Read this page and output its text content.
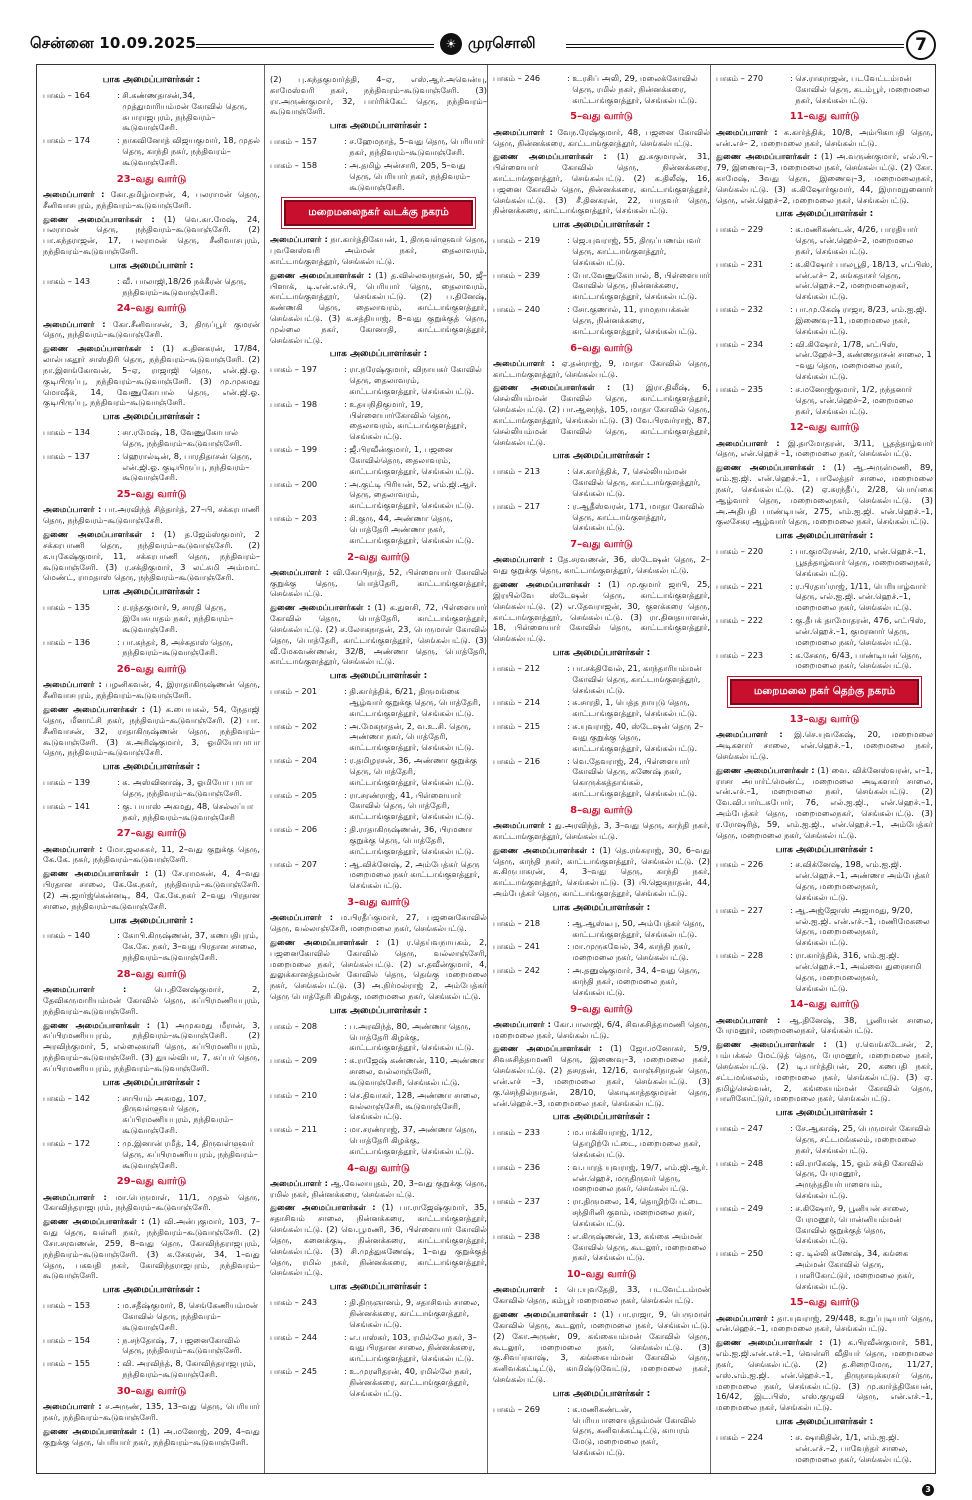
சென்னை 10.09.2025	☀ முரசொலி	7
பாக அமைப்பாளர்கள் :
பாகம் – 164	: சி.கண்ணதாசன்,34, முத்துமாரியம்மன் கோவில் தெரு, சுபாராஜபுரம், நந்திவரம்–கூடுவாஞ்சேரி.
பாகம் – 174	: நாகவினோத் விஜயகுமார், 18, முதல் தெரு, காந்தி நகர், நந்திவரம்–கூடுவாஞ்சேரி.
23–வது வார்டு
அமைப்பாளர் : கோ.தமிழ்மாறன், 4, பலராமன் தெரு, சீனிவாசபுரம், நந்திவரம்–கூடுவாஞ்சேரி.
துணை அமைப்பாளர்கள் : (1) வெ.கா.மேஷ், 24, பலராமன் தெரு, நந்திவரம்–கூடுவாஞ்சேரி. (2) பா.கந்தராஜன், 17, பலராமன் தெரு, சீனிவாசபுரம், நந்திவரம்–கூடுவாஞ்சேரி.
பாக அமைப்பாளர் :
பாகம் – 143	: வீ. பாலாஜி,18/26 நக்கீரன் தெரு, நந்திவரம்–கூடுவாஞ்சேரி.
24–வது வார்டு
அமைப்பாளர் : கோ.சீனிவாசன், 3, திருப்பூர் குமரன் தெரு, நந்திவரம்–கூடுவாஞ்சேரி.
துணை அமைப்பாளர்கள் : (1) க.தினகரன், 17/84, லால்பகதூர் சாஸ்திரி தெரு, நந்திவரம்–கூடுவாஞ்சேரி. (2) நா.இளங்கோவன், 5–ஏ, ராஜாஜி தெரு, என்.ஜி.ஓ. குடியிருப்பு, நந்திவரம்–கூடுவாஞ்சேரி. (3) மு.முகமது மொஷீக், 14, வேணுகோபால் தெரு, என்.ஜி.ஓ. குடியிருப்பு, நந்திவரம்–கூடுவாஞ்சேரி.
பாக அமைப்பாளர்கள் :
பாகம் – 134	: சா.ரமேஷ், 18, வேணுகோபால் தெரு, நந்திவரம்–கூடுவாஞ்சேரி.
பாகம் – 137	: ஹெரால்டின், 8, பாரதிதாசன் தெரு, என்.ஜி.ஓ. குடியிருப்பு, நந்திவரம்–கூடுவாஞ்சேரி.
25–வது வார்டு
அமைப்பாளர் : பா.அரவிந்த் சித்தார்த், 27–பி, சக்கரபாணி தெரு, நந்திவரம்–கூடுவாஞ்சேரி.
துணை அமைப்பாளர்கள் : (1) த.ஜேம்ஸ்குமார், 2 சக்கரபாணி தெரு, நந்திவரம்–கூடுவாஞ்சேரி. (2) க.யுகேஷ்குமார், 11, சக்கரபாணி தெரு, நந்திவரம்–கூடுவாஞ்சேரி. (3) ர.சக்திகுமார், 3 லட்சுமி அம்மாட் மெண்ட், ராமதாஸ் தெரு, நந்திவரம்–கூடுவாஞ்சேரி.
பாக அமைப்பாளர்கள் :
பாகம் – 135	: ர.ரத்தகுமார், 9, சாரதி தெரு, இயேசுபாதம் நகர், நந்திவரம்–கூடுவாஞ்சேரி.
பாகம் – 136	: பா.கந்தர், 8, அச்சுதாஸ் தெரு, நந்திவரம்–கூடுவாஞ்சேரி.
26–வது வார்டு
அமைப்பாளர் : பழனிகவன், 4, இராதாகிருஷ்ணன் தெரு, சீனிவாசபுரம், நந்திவரம்–கூடுவாஞ்சேரி.
துணை அமைப்பாளர்கள் : (1) க.பையகல், 54, நேதாஜி தெரு, மீனாட்சி நகர், நந்திவரம்–கூடுவாஞ்சேரி. (2) பா. சீனிவாசன், 32, ராதாகிருஷ்ணன் தெரு, நந்திவரம்–கூடுவாஞ்சேரி. (3) க.அரிஷ்குமார், 3, ஓமியோபாபா தெரு, நந்திவரம்–கூடுவாஞ்சேரி.
பாக அமைப்பாளர்கள் :
பாகம் – 139	: க. அஸ்வினாஷ், 3, ஓமியோ பாபா தெரு, நந்திவரம்–கூடுவாஞ்சேரி.
பாகம் – 141	: கு. பயாஸ் அகமது, 48, செல்லப்பா நகர், நந்திவரம்–கூடுவாஞ்சேரி
27–வது வார்டு
அமைப்பாளர் : மோ.ஜலசுகர், 11, 2–வது குறுக்கு தெரு, கே.கே. நகர், நந்திவரம்–கூடுவாஞ்சேரி.
துணை அமைப்பாளர்கள் : (1) சே.ராமகன், 4, 4–வது பிரதான சாலை, கே.கே.நகர், நந்திவரம்–கூடுவாஞ்சேரி. (2) அ.ஜார்ஜ்கென்னடி, 84, கே.கே.நகர் 2–வது பிரதான சாலை, நந்திவரம்–கூடுவாஞ்சேரி.
பாக அமைப்பாளர் :
பாகம் – 140	: கோபி.கிருஷ்ணன், 37, கணபதிபுரம், கே.கே. நகர், 3–வது பிரதான சாலை, நந்திவரம்–கூடுவாஞ்சேரி.
28–வது வார்டு
அமைப்பாளர் :	பெ.தினேஷ்குமார், 2, தேவிகருமாரியம்மன் கோவில் தெரு, சுப்பிரமணியபுரம், நந்திவரம்–கூடுவாஞ்சேரி.
துணை அமைப்பாளர்கள் : (1) அமுகமது மீரான், 3, சுப்பிரமணியபுரம், நந்திவரம்–கூடுவாஞ்சேரி. (2) அரவிந்குமார், 5, எல்லைகாளி தெரு, சுப்பிரமணியபுரம், நந்திவரம்–கூடுவாஞ்சேரி. (3) துயல்விபா, 7, சுப்பர் தெரு, சுப்பிரமணியபுரம், நந்திவரம்–கூடுவாஞ்சேரி.
பாக அமைப்பாளர்கள் :
பாகம் – 142	: சாபியம் அகமது, 107, திருவள்ளுவர் தெரு, சுப்பிரமணியபுரம், நந்திவரம்–கூடுவாஞ்சேரி.
பாகம் – 172	: மு.இனான் ரமீத், 14, திருவள்ளுவர் தெரு, சுப்பிரமணியபுரம், நந்திவரம்–கூடுவாஞ்சேரி.
29–வது வார்டு
அமைப்பாளர் : மா.பெருமாள், 11/1, முதல் தெரு, கோவிந்தராஜபுரம், நந்திவரம்–கூடுவாஞ்சேரி.
துணை அமைப்பாளர்கள் : (1) வி.அன்புகுமார், 103, 7–வது தெரு, வள்ளி நகர், நந்திவரம்–கூடுவாஞ்சேரி. (2) சோ.சரவணன், 259, 8–வது தெரு, கோவிந்தராஜபுரம், நந்திவரம்–கூடுவாஞ்சேரி. (3) க.சேகரன், 34, 1–வது தெரு, பகவதி நகர், கோவிந்தராஜபுரம், நந்திவரம்–கூடுவாஞ்சேரி.
பாக அமைப்பாளர்கள் :
பாகம் – 153	: ம.சதீஷ்குமார், 8, செங்கேணியம்மன் கோவில் தெரு, நந்திவரம்–கூடுவாஞ்சேரி.
பாகம் – 154	: ந.சந்தோஷ், 7, பஜனைகோவில் தெரு, நந்திவரம்–கூடுவாஞ்சேரி.
பாகம் – 155	: வி. அரவிந்த், 8, கோவிந்தராஜபுரம், நந்திவரம்–கூடுவாஞ்சேரி.
30–வது வார்டு
அமைப்பாளர் : ச.அருண், 135, 13–வது தெரு, பெரியார் நகர், நந்திவரம்–கூடுவாஞ்சேரி.
துணை அமைப்பாளர்கள் : (1) அ.மனோஜ், 209, 4–வது குறுக்கு தெரு, பெரியார் நகர், நந்திவரம்–கூடுவாஞ்சேரி.
(2) பு.கந்தகுமார்த்தி, 4–ஏ, எஸ்.ஆர்.அவென்யு, காமேஸ்வரி நகர், நந்திவரம்–கூடுவாஞ்சேரி. (3) ரா.அருண்குமார், 32, பார்ரிக்கேட் தெரு, நந்திவரம்–கூடுவாஞ்சேரி.
பாக அமைப்பாளர்கள் :
பாகம் – 157	: ச.ஹேமநாத், 5–வது தெரு, பெரியார் நகர், நந்திவரம்–கூடுவாஞ்சேரி.
பாகம் – 158	: அ.தமிழ் அன்சாரி, 205, 5–வது தெரு, பெரியார் நகர், நந்திவரம்–கூடுவாஞ்சேரி.
மறைமலைநகர் வடக்கு நகரம்
அமைப்பாளர் : நா.கார்த்திகேயன், 1, திருவள்ளுவர் தெரு, புவனேஸ்வரி அம்மன் நகர், தைலாவரம், காட்டாங்குளத்தூர், செங்கல்பட்டு.
துணை அமைப்பாளர்கள் : (1) த.வில்லவநாதன், 50, ஜீ–பிளாக், டி.என்.எச்.பி, பெரியார் தெரு, தைலாவரம், காட்டாங்குளத்தூர், செங்கல்பட்டு. (2) ப.தினேஷ், கண்ணகி தெரு, தைலாவரம், காட்டாங்குளத்தூர், செங்கல்பட்டு. (3) க.சத்தியாஜ், 8–வது குறுக்குத் தெரு, முல்லை நகர், கோனாதி, காட்டாங்குளத்தூர், செங்கல்பட்டு.
பாக அமைப்பாளர்கள் :
பாகம் – 197	: ரா.நரேஷ்குமார், விநாயகர் கோவில் தெரு, தைலாவரம், காட்டாங்குளத்தூர், செங்கல்பட்டு.
பாகம் – 198	: உதயநிதிகுமார், 19, பிள்ளையார்கோவில் தெரு, தைலாவரம், காட்டாங்குளத்தூர், செங்கல்பட்டு.
பாகம் – 199	: ஜீ.பிரவீன்குமார், 1, பஜனை கோவில்தெரு, தைலாவரம், காட்டாங்குளத்தூர், செங்கல்பட்டு.
பாகம் – 200	: அ.குட்டி பிரியன், 52, எம்.ஜி.ஆர். தெரு, தைலாவரம், காட்டாங்குளத்தூர், செங்கல்பட்டு.
பாகம் – 203	: சி.குரு, 44, அண்ணா தெரு, பொத்தேரி அண்ணா நகர், காட்டாங்குளத்தூர், செங்கல்பட்டு.
2–வது வார்டு
அமைப்பாளர் : வி.கோபிநாத், 52, பிள்ளையார் கோவில் குறுக்கு தெரு, பொத்தேரி, காட்டாங்குளத்தூர், செங்கல்பட்டு.
துணை அமைப்பாளர்கள் : (1) க.துளசி, 72, பிள்ளையார் கோவில் தெரு, பொத்தேரி, காட்டாங்குளத்தூர், செங்கல்பட்டு. (2) ச.லோகநாதன், 23, பெருமாள் கோவில் தெரு, பொத்தேரி, காட்டாங்குளத்தூர், செங்கல்பட்டு. (3) வீ.மேகவண்ணன், 32/8, அண்ணா தெரு, பொத்தேரி, காட்டாங்குளத்தூர், செங்கல்பட்டு.
பாக அமைப்பாளர்கள் :
பாகம் – 201	: தி.கார்த்திக், 6/21, திருமங்கை ஆழ்வார் குறுக்கு தெரு, பொத்தேரி, காட்டாங்குளத்தூர், செங்கல்பட்டு.
பாகம் – 202	: அ.மேகநாதன், 2, வ.உ.சி. தெரு, அண்ணா நகர், பொத்தேரி, காட்டாங்குளத்தூர், செங்கல்பட்டு.
பாகம் – 204	: ர.தமிழரசன், 36, அண்ணா குறுக்கு தெரு, பொத்தேரி, காட்டாங்குளத்தூர், செங்கல்பட்டு.
பாகம் – 205	: ரா.சரண்ராஜ், 41, பிள்ளையார் கோவில் தெரு, பொத்தேரி, காட்டாங்குளத்தூர், செங்கல்பட்டு.
பாகம் – 206	: தி.ராதாகிருஷ்ணன், 36, பிரமணா குறுக்கு தெரு, பொத்தேரி, காட்டாங்குளத்தூர், செங்கல்பட்டு.
பாகம் – 207	: ஆ.விக்னேஷ், 2, அம்பேத்கர் தெரு மறைமலை நகர் காட்டாங்குளத்தூர், செங்கல்பட்டு.
3–வது வார்டு
அமைப்பாளர் : ம.பிரதீப்குமார், 27, பஜனைகோவில் தெரு, வல்லாஞ்சேரி, மறைமலை நகர், செங்கல்பட்டு.
துணை அமைப்பாளர்கள் : (1) ர.தெய்வநாயகம், 2, பஜனைகோவில் கோவில் தெரு, வல்லாஞ்சேரி, மறைமலை நகர், செங்கல்பட்டு. (2) எ.தவீன்குமார், 4, துலுக்கானத்தம்மன் கோவில் தெரு, தெங்கு மறைமலை நகர், செங்கல்பட்டு. (3) அ.நிர்மல்ராஜ் 2, அம்பேத்கர் தெரு பொத்தேரி கிழக்கு, மறைமலை நகர், செங்கல்பட்டு.
பாக அமைப்பாளர்கள் :
பாகம் – 208	: ப.அரவிந்த், 80, அண்ணா தெரு, பொத்தேரி கிழக்கு, காட்டாங்குளத்தூர், செங்கல்பட்டு.
பாகம் – 209	: க.ராஜேஷ் கண்ணன், 110, அண்ணா சாலை, வல்லாஞ்சேரி, கூடுவாஞ்சேரி, செங்கல்பட்டு.
பாகம் – 210	: செ.திவாகர், 128, அண்ணா சாலை, வல்லாஞ்சேரி, கூடுவாஞ்சேரி, செங்கல்பட்டு.
பாகம் – 211	: மா.சரண்ராஜ், 37, அண்ணா தெரு, பொத்தேரி கிழக்கு, காட்டாங்குளத்தூர், செங்கல்பட்டு.
4–வது வார்டு
அமைப்பாளர் : ஆ.வேலாயுதம், 20, 3–வது குறுக்கு தெரு, ரமில் நகர், நின்னக்கரை, செங்கல்பட்டு.
துணை அமைப்பாளர்கள் : (1) பா.ராஜேஷ்குமார், 35, சதாசிவம் சாலை, நின்னக்கரை, காட்டாங்குளத்தூர், செங்கல்பட்டு. (2) வெ.பூமணி, 36, பிள்ளையார் கோவில் தெரு, கனைக்குடி, நின்னக்கரை, காட்டாங்குளத்தூர், செங்கல்பட்டு. (3) சி.முத்துகணேஷ், 1–வது குறுக்குத் தெரு, ரமில் நகர், நின்னக்கரை, காட்டாங்குளத்தூர், செங்கல்பட்டு.
பாக அமைப்பாளர்கள் :
பாகம் – 243	: தி.திருஞானம், 9, சதாசிவம் சாலை, நின்னக்கரை, காட்டாங்குளத்தூர், செங்கல்பட்டு.
பாகம் – 244	: எ.பாஸ்கர், 103, ரமில்லே நகர், 3–வது பிரதான சாலை, நின்னக்கரை, காட்டாங்குளத்தூர், செங்கல்பட்டு.
பாகம் – 245	: உ.முரளிதரன், 40, ரமில்லே நகர், நின்னக்கரை, காட்டாங்குளத்தூர், செங்கல்பட்டு.
பாகம் – 246	: உ.ரசிப் அலி, 29, மலைக்கோவில் தெரு, ரமில் நகர், நின்னக்கரை, காட்டாங்குளத்தூர், செங்கல்பட்டு.
5–வது வார்டு
அமைப்பாளர் : வேந.ரேஷ்குமார், 48, பஜனை கோவில் தெரு, நின்னக்கரை, காட்டாங்குளத்தூர், செங்கல்பட்டு.
துணை அமைப்பாளர்கள் : (1) து.சுகுமாரன், 31, பிள்ளையார் கோவில் தெரு, நின்னக்கரை, காட்டாங்குளத்தூர், செங்கல்பட்டு. (2) க.திலீஷ், 16, பஜனை கோவில் தெரு, நின்னக்கரை, காட்டாங்குளத்தூர், செங்கல்பட்டு. (3) சீ.தினகரன், 22, யாதவர் தெரு, நின்னக்கரை, காட்டாங்குளத்தூர், செங்கல்பட்டு.
பாக அமைப்பாளர்கள் :
பாகம் – 219	: ஜெ.யுவராஜ், 55, திருப்பணம்பவர் தெரு, காட்டாங்குளத்தூர், செங்கல்பட்டு.
பாகம் – 239	: போ.வேணுகோபால், 8, பிள்ளையார் கோவில் தெரு, நின்னக்கரை, காட்டாங்குளத்தூர், செங்கல்பட்டு.
பாகம் – 240	: சோ.குணால், 11, ராமநாயக்கன் தெரு, நின்னக்கரை, காட்டாங்குளத்தூர், செங்கல்பட்டு.
6–வது வார்டு
அமைப்பாளர் : ஏ.தன்ராஜ், 9, மாதா கோவில் தெரு, காட்டாங்குளத்தூர், செங்கல்பட்டு.
துணை அமைப்பாளர்கள் : (1) இரா.திலீஷ், 6, செல்லியம்மன் கோவில் தெரு, காட்டாங்குளத்தூர், செங்கல்பட்டு. (2) பா.ஆனந்த், 105, மாதா கோவில் தெரு, காட்டாங்குளத்தூர், செங்கல்பட்டு. (3) வே.பிரவர்ராஜ், 87, செல்லியம்மன் கோவில் தெரு, காட்டாங்குளத்தூர், செங்கல்பட்டு.
பாக அமைப்பாளர்கள் :
பாகம் – 213	: செ.கார்த்திக், 7, செல்லியம்மன் கோவில் தெரு, காட்டாங்குளத்தூர், செங்கல்பட்டு.
பாகம் – 217	: ர.ஆதீஸ்வரன், 171, மாதா கோவில் தெரு, காட்டாங்குளத்தூர், செங்கல்பட்டு.
7–வது வார்டு
அமைப்பாளர் : தே.சரவணன், 36, ஸ்டேஷன் தெரு, 2–வது குறுக்கு தெரு, காட்டாங்குளத்தூர், செங்கல்பட்டு.
துணை அமைப்பாளர்கள் : (1) மு.குமார் ஜாபி, 25, இரயில்வே ஸ்டேஷன் தெரு, காட்டாங்குளத்தூர், செங்கல்பட்டு. (2) எ.தேவராஜன், 30, குளக்கரை தெரு, காட்டாங்குளத்தூர், செங்கல்பட்டு. (3) ரா.தினதயாளன், 18, பிள்ளையார் கோவில் தெரு, காட்டாங்குளத்தூர், செங்கல்பட்டு.
பாக அமைப்பாளர்கள் :
பாகம் – 212	: பா.சக்திவேல், 21, காந்தாரியம்மன் கோவில் தெரு, காட்டாங்குளத்தூர், செங்கல்பட்டு.
பாகம் – 214	: சு.சாரதி, 1, பெத்த நாயுடு தெரு, காட்டாங்குளத்தூர், செங்கல்பட்டு.
பாகம் – 215	: சு.யுவராஜ், 40, ஸ்டேஷன் தெரு 2–வது குறுக்கு தெரு, காட்டாங்குளத்தூர், செங்கல்பட்டு.
பாகம் – 216	: வெ.தேவராஜ், 24, பிள்ளையார் கோவில் தெரு, கணேஷ் நகர், கொருக்கத்தாங்கல், காட்டாங்குளத்தூர், செங்கல்பட்டு.
8–வது வார்டு
அமைப்பாளர் : து.அரவிந்த், 3, 3–வது தெரு, காந்தி நகர், காட்டாங்குளத்தூர், செங்கல்பட்டு.
துணை அமைப்பாளர்கள் : (1) தெ.ரங்கராஜ், 30, 6–வது தெரு, காந்தி நகர், காட்டாங்குளத்தூர், செங்கல்பட்டு. (2) க.கிருபாகரன், 4, 3–வது தெரு, காந்தி நகர், காட்டாங்குளத்தூர், செங்கல்பட்டு. (3) பி.ஜெகநாதன், 44, அம்பேத்கர் தெரு, காட்டாங்குளத்தூர், செங்கல்பட்டு.
பாக அமைப்பாளர்கள் :
பாகம் – 218	: ஆ.ஆஸ்டீபு, 50, அம்பேத்கர் தெரு, காட்டாங்குளத்தூர், செங்கல்பட்டு.
பாகம் – 241	: மா.முருகவேல், 34, காந்தி நகர், மறைமலை நகர், செங்கல்பட்டு.
பாகம் – 242	: அ.தனுஷ்குமார், 34, 4–வது தெரு, காந்தி நகர், மறைமலை நகர், செங்கல்பட்டு.
9–வது வார்டு
அமைப்பாளர் : கோ.பாலாஜி, 6/4, சிவசுசித்தாமணி தெரு, மறைமலை நகர், செங்கல்பட்டு.
துணை அமைப்பாளர்கள் : (1) ஜோ.மனோகர், 5/9, சிவசுசித்தாமணி தெரு, இணைவு–3, மறைமலை நகர், செங்கல்பட்டு. (2) தசரதன், 12/16, வாஞ்சிநாதன் தெரு, என்.எச் –3, மறைமலை நகர், செங்கல்பட்டு. (3) கு.செந்தில்நாதன், 28/10, கொடிகாத்தகுமரன் தெரு, என்.ஹெச்.–3, மறைமலை நகர், செங்கல்பட்டு.
பாக அமைப்பாளர்கள் :
பாகம் – 233	: ம.பாக்கியராஜ், 1/12, தொழிற்பேட்டை, மறைமலை நகர், செங்கல்பட்டு.
பாகம் – 236	: வ.பாரத் யுவராஜ், 19/7, எம்.ஜி.ஆர். என்.ஹெச், மருதிருவர் தெரு, மறைமலை நகர், செங்கல்பட்டு.
பாகம் – 237	: ரா.திருமலை, 14, தொழிற்பேட்டை சந்திரினி குளம், மறைமலை நகர், செங்கல்பட்டு.
பாகம் – 238	: எ.கிருஷ்ணன், 13, கங்கை அம்மன் கோவில் தெரு, கூடலூர், மறைமலை நகர், செங்கல்பட்டு.
10–வது வார்டு
அமைப்பாளர் : பெ.யுவதேதி, 33, படவேட்டம்மன் கோவில் தெரு, கம்பூர் மறைமலை நகர், செங்கல்பட்டு.
துணை அமைப்பாளர்கள் : (1) பா.ராஜா, 9, பெருமாள் கோவில் தெரு, கூடலூர், மறைமலை நகர், செங்கல்பட்டு. (2) கோ.அருண், 09, கங்கையம்மன் கோவில் தெரு, கூடலூர், மறைமலை நகர், செங்கல்பட்டு. (3) கு.சிவப்ரகாஷ், 3, கங்கையம்மன் கோவில் தெரு, கனிவக்கட்டிட்டு, காமிஷ்டுவேட்டு, மறைமலை நகர், செங்கல்பட்டு.
பாக அமைப்பாளர்கள் :
பாகம் – 269	: க.மணிகண்டன், பெரியபாளையத்தம்மன் கோவில் தெரு, கனிவக்கட்டிட்டு, காயரம் மேடு, மறைமலை நகர், செங்கல்பட்டு.
பாகம் – 270	: செ.ராகராஜன், படவேட்டம்மன் கோவில் தெரு, கடம்பூர், மறைமலை நகர், செங்கல்பட்டு.
11–வது வார்டு
அமைப்பாளர் : க.கார்த்திக், 10/8, அம்பிகாபதி தெரு, என்.எச்– 2, மறைமலை நகர், செங்கல்பட்டு.
துணை அமைப்பாளர்கள் : (1) அ.வருண்குமார், எல்.பி.–79, இணைவு–3, மறைமலை நகர், செங்கல்பட்டு. (2) கோ. காமேஷ், 3வது தெரு, இணைவு–3, மறைமலைநகர், செங்கல்பட்டு. (3) சு.கிஷோர்குமார், 44, இராமநுனைார் தெரு, என்.ஹெச்–2, மறைமலை நகர், செங்கல்பட்டு.
பாக அமைப்பாளர்கள் :
பாகம் – 229	: க.மணிகண்டன், 4/26, பாரதியார் தெரு, என்.ஹெச்–2, மறைமலை நகர், செங்கல்பட்டு.
பாகம் – 231	: க.கிஷோர் பாலபூதி, 18/13, எட்பிஸ், என்.எச்– 2, சுங்கதாசர் தெரு, என்.ஹெச்.–2, மறைமலைநகர், செங்கல்பட்டு.
பாகம் – 232	: பா.மு.கேஷ் ராஜா, 8/23, எம்.ஐ.ஜி. இணைவு–11, மறைமலை நகர், செங்கல்பட்டு.
பாகம் – 234	: வி.கிஷோர், 1/78, எட்பிஸ், என்.ஹேச்–3, கண்ணதாசன் சாலை, 1 –வது தெரு, மறைமலை நகர், செங்கல்பட்டு.
பாகம் – 235	: ச.மனோஜ்குமார், 1/2, நந்தனார் தெரு, என்.ஹெச்–2, மறைமலை நகர், செங்கல்பட்டு.
12–வது வார்டு
அமைப்பாளர் : இ.தாமோதரன், 3/11, பூதத்தாழ்வார் தெரு, என்.ஹெச் –1, மறைமலை நகர், செங்கல்பட்டு.
துணை அமைப்பாளர்கள் : (1) ஆ.அருள்மணி, 89, எம்.ஐ.ஜி. என்.ஹெச்.–1, பாலேத்தர் சாலை, மறைமலை நகர், செங்கல்பட்டு. (2) ஏ.சுரந்தீப், 2/28, பொய்கை ஆழ்வார் தெரு, மறைமலைநகர், செங்கல்பட்டு. (3) அ.அதிபதி பாண்டியன், 275, எம்.ஐ.ஜி. என்.ஹெச்.–1, குலசேகர ஆழ்வார் தெரு, மறைமலை நகர், செங்கல்பட்டு.
பாக அமைப்பாளர்கள் :
பாகம் – 220	: பா.குமரேசன், 2/10, என்.ஹெச்.–1, பூதத்தாழ்வார் தெரு, மறைமலைநகர், செங்கல்பட்டு.
பாகம் – 221	: ர.பிரதாப்ராஜ், 1/11, பெரியாழ்வார் தெரு, எல்.ஐ.ஜி. என்.ஹெச்.–1, மறைமலை நகர், செங்கல்பட்டு.
பாகம் – 222	: கு.தீபக் தாமோதரன், 476, எட்பிஸ், என்.ஹெச்.–1, குமரனார் தெரு, மறைமலை நகர், செங்கல்பட்டு.
பாகம் – 223	: க.சேகரு, 6/43, பாண்டியன் தெரு, மறைமலை நகர், செங்கல்பட்டு.
மறைமலை நகர் தெற்கு நகரம்
13–வது வார்டு
அமைப்பாளர் : இ.செ.யுவகேஷ், 20, மறைமலை அடிகளார் சாலை, என்.ஹெச்.–1, மறைமலை நகர், செங்கல்பட்டு.
துணை அமைப்பாளர்கள் : (1) வை. விக்னேஸ்வரன், எ–1, ராசா அபார்ட்மெண்ட், மறைமலை அடிகளார் சாலை, என்.எச்.–1, மறைமலை நகர், செங்கல்பட்டு. (2) வே.வி.பார்டசுபோர், 76, எல்.ஐ.ஜி., என்.ஹெச்.–1, அம்பேத்கர் தெரு, மறைமலைநகர், செங்கல்பட்டு. (3) ர.ரோஷரித், 59, எம்.ஐ.ஜி., என்.ஹெச்.–1, அம்பேத்கர் தெரு, மறைமலை நகர், செங்கல்பட்டு.
பாக அமைப்பாளர்கள் :
பாகம் – 226	: ச.விக்னேஷ், 198, எம்.ஐ.ஜி. என்.ஹெச்.–1, அண்ணா அம்பேத்கர் தெரு, மறைமலைநகர், செங்கல்பட்டு.
பாகம் – 227	: ஆ.அஜ்ஜோஸ் அஜாமது, 9/20, எல்.ஐ.ஜி. என்.எச்.–1, மணிமேகலை தெரு, மறைமலைநகர், செங்கல்பட்டு.
பாகம் – 228	: ரா.கார்த்திக், 316, எம்.ஐ.ஜி. என்.ஹெச்.–1, அவ்வை துரைசாமி தெரு, மறைமலைநகர், செங்கல்பட்டு.
14–வது வார்டு
அமைப்பாளர் : ஆ.தினேஷ், 38, பூனியன் சாலை, பேரமனூர், மறைமலைநகர், செங்கல்பட்டு.
துணை அமைப்பாளர்கள் : (1) ர.வெங்கடேசன், 2, பம்பக்கல் மேட்டுத் தெரு, பேரமனூர், மறைமலை நகர், செங்கல்பட்டு. (2) டி.பார்த்திபன், 20, கணபதி நகர், சட்டமங்கலம், மறைமலை நகர், செங்கல்பட்டு. (3) ஏ. தமிழ்செல்வன், 2, கங்கையம்மன் கோவில் தெரு, பாளிகோட்டுர், மறைமலை நகர், செங்கல்பட்டு.
பாக அமைப்பாளர்கள் :
பாகம் – 247	: சே.ஆகாஷ், 25, பெருமாள் கோவில் தெரு, சட்டமங்கலம், மறைமலை நகர், செங்கல்பட்டு.
பாகம் – 248	: வி.ராகேஷ், 15, ஓம் சக்தி கோவில் தெரு, பேரமனூர், அருந்ததியர்பாளையம், செங்கல்பட்டு.
பாகம் – 249	: ச.கிஷோர், 9, பூனியன் சாலை, பேரமனூர், பொன்னியம்மன் கோவில் குறுக்குத் தெரு, செங்கல்பட்டு.
பாகம் – 250	: ஏ. டில்லி கணேஷ், 34, கங்கை அம்மன் கோவில் தெரு, பாளிகோட்டுர், மறைமலை நகர், செங்கல்பட்டு.
15–வது வார்டு
அமைப்பாளர் : தா.யுவராஜ், 29/448, உறுப்புடியார் தெரு, என்.ஹெச்.–1, மறைமலை நகர், செங்கல்பட்டு.
துணை அமைப்பாளர்கள் : (1) க.பிரவீன்குமார், 581, எம்.ஐ.ஜி.என்.எச்.–1, வெள்ளி வீதியர் தெரு, மறைமலை நகர், செங்கல்பட்டு. (2) த.சிறைமேரு, 11/27, எஸ்.எம்.ஐ.ஜி. என்.ஹெச்.–1, திருநாவுக்கரசர் தெரு, மறைமலை நகர், செங்கல்பட்டு. (3) மு.கார்த்திகேயன், 16/42, இட.பிஸ், எஸ்.குழுவி தெரு, என்.எச்.–1, மறைமலை நகர், செங்கல்பட்டு.
பாக அமைப்பாளர்கள் :
பாகம் – 224	: ச. ஷாகிதின், 1/1, எம்.ஐ.ஜி. என்.எச்.–2, பாவேந்தர் சாலை, மறைமலை நகர், செங்கல்பட்டு.
3
